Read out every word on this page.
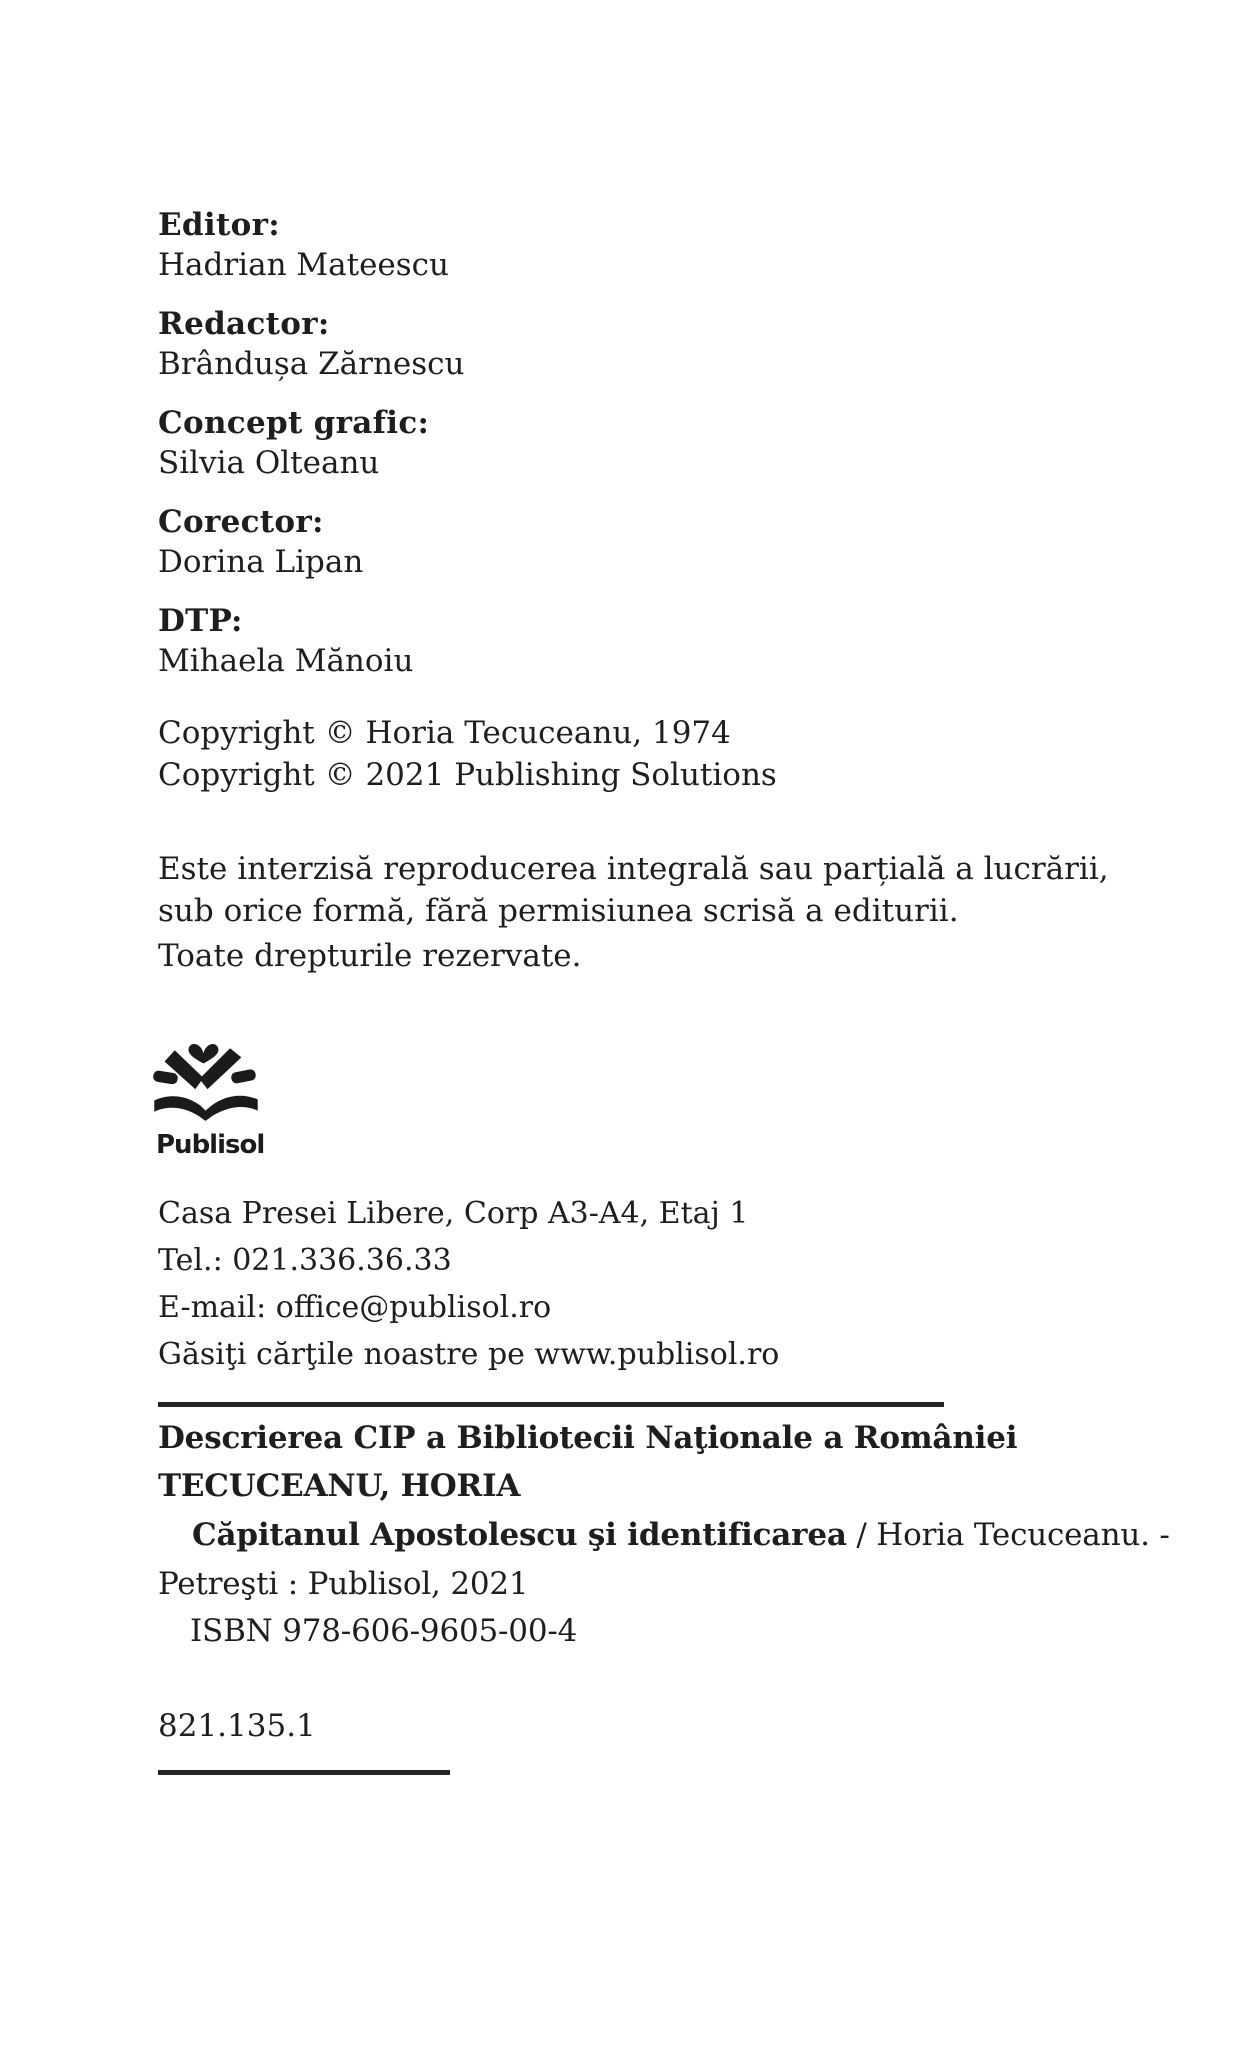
Editor:
Hadrian Mateescu
Redactor:
Brândușa Zărnescu
Concept grafic:
Silvia Olteanu
Corector:
Dorina Lipan
DTP:
Mihaela Mănoiu
Copyright © Horia Tecuceanu, 1974
Copyright © 2021 Publishing Solutions
Este interzisă reproducerea integrală sau parțială a lucrării,
sub orice formă, fără permisiunea scrisă a editurii.
Toate drepturile rezervate.
Publisol
Casa Presei Libere, Corp A3-A4, Etaj 1
Tel.: 021.336.36.33
E-mail: office@publisol.ro
Găsiţi cărţile noastre pe www.publisol.ro
Descrierea CIP a Bibliotecii Naţionale a României
TECUCEANU, HORIA
Căpitanul Apostolescu şi identificarea / Horia Tecuceanu. -
Petreşti : Publisol, 2021
ISBN 978-606-9605-00-4
821.135.1
